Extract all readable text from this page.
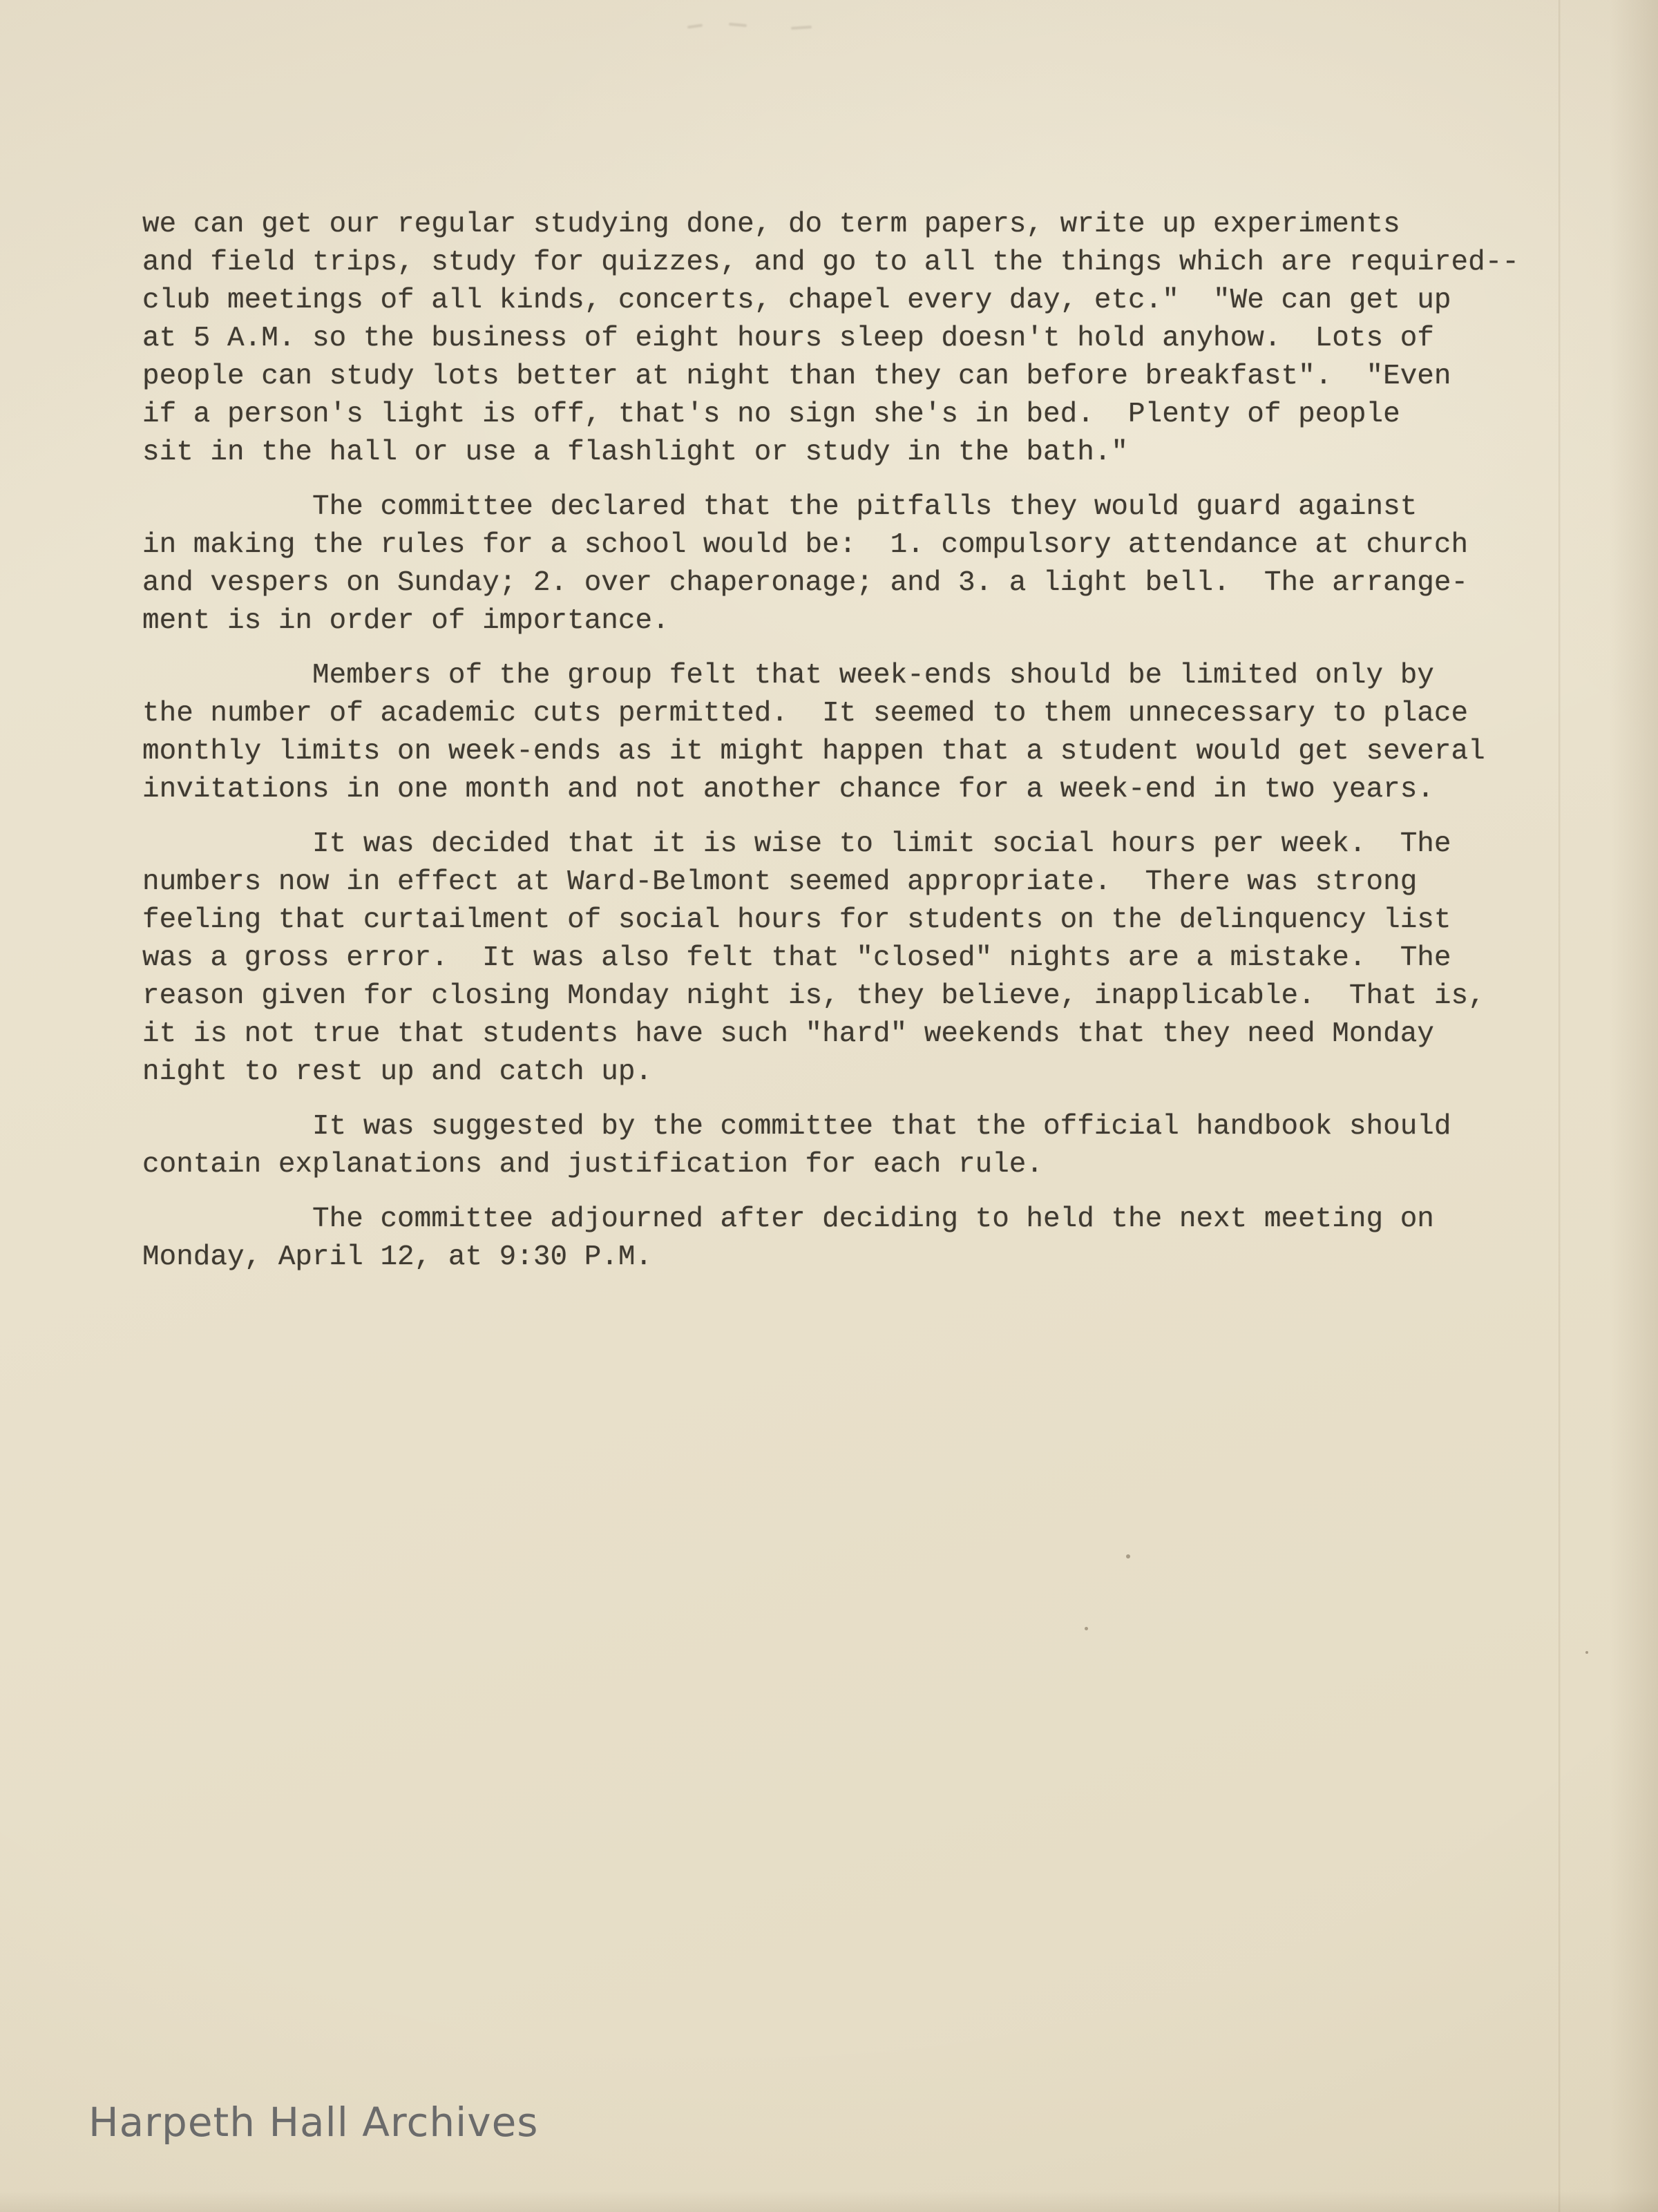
we can get our regular studying done, do term papers, write up experiments
and field trips, study for quizzes, and go to all the things which are required--
club meetings of all kinds, concerts, chapel every day, etc."  "We can get up
at 5 A.M. so the business of eight hours sleep doesn't hold anyhow.  Lots of
people can study lots better at night than they can before breakfast".  "Even
if a person's light is off, that's no sign she's in bed.  Plenty of people
sit in the hall or use a flashlight or study in the bath."
The committee declared that the pitfalls they would guard against
in making the rules for a school would be:  1. compulsory attendance at church
and vespers on Sunday; 2. over chaperonage; and 3. a light bell.  The arrange-
ment is in order of importance.
Members of the group felt that week-ends should be limited only by
the number of academic cuts permitted.  It seemed to them unnecessary to place
monthly limits on week-ends as it might happen that a student would get several
invitations in one month and not another chance for a week-end in two years.
It was decided that it is wise to limit social hours per week.  The
numbers now in effect at Ward-Belmont seemed appropriate.  There was strong
feeling that curtailment of social hours for students on the delinquency list
was a gross error.  It was also felt that "closed" nights are a mistake.  The
reason given for closing Monday night is, they believe, inapplicable.  That is,
it is not true that students have such "hard" weekends that they need Monday
night to rest up and catch up.
It was suggested by the committee that the official handbook should
contain explanations and justification for each rule.
The committee adjourned after deciding to held the next meeting on
Monday, April 12, at 9:30 P.M.
Harpeth Hall Archives
